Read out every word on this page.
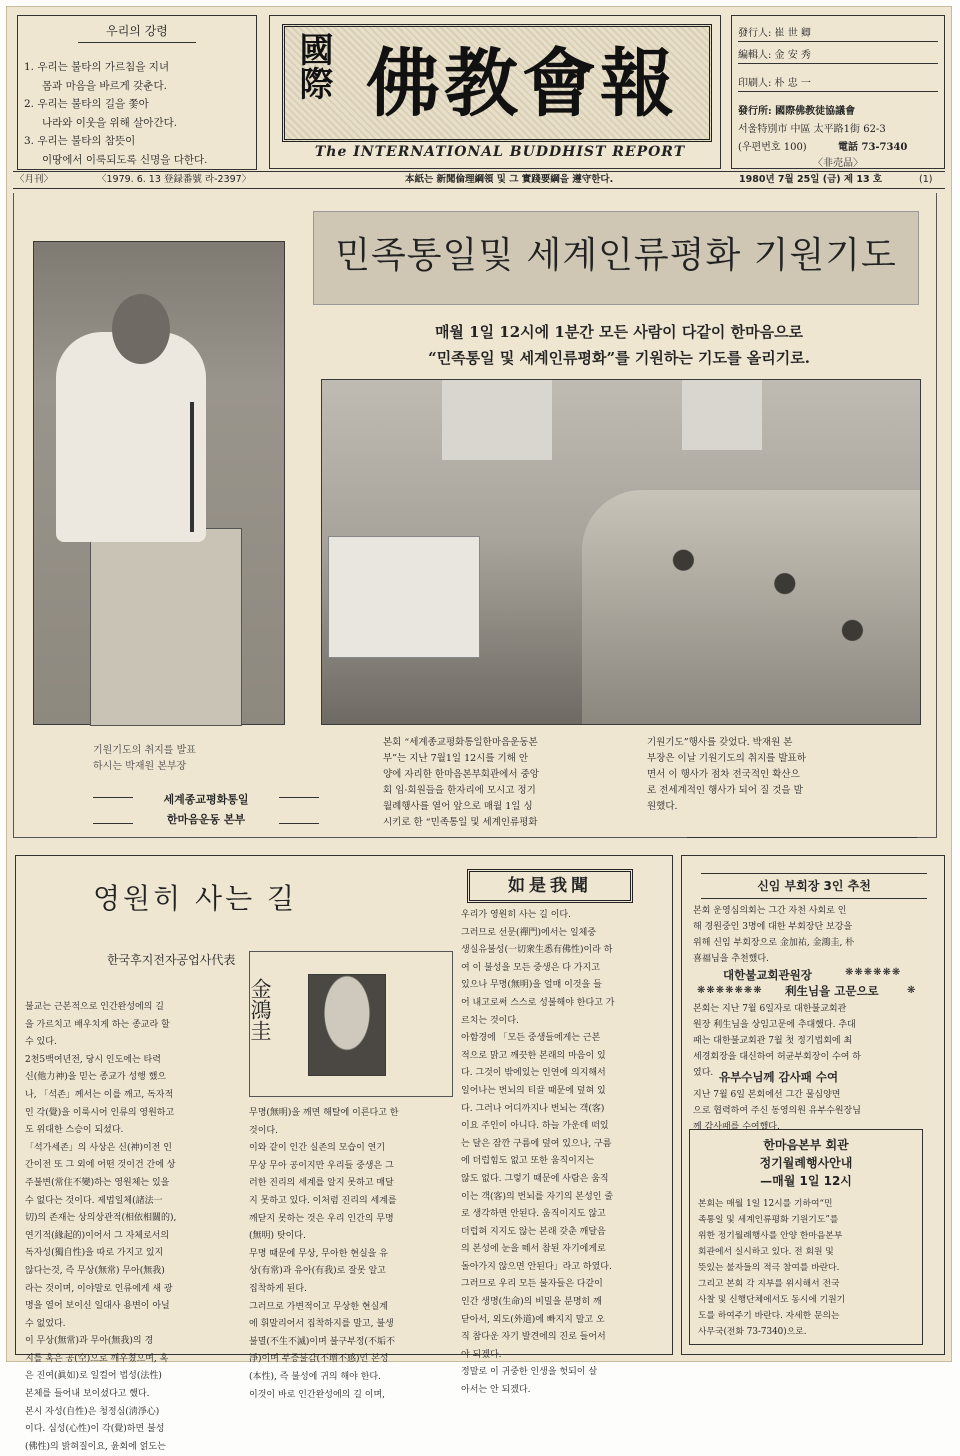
우리의 강령
1. 우리는 불타의 가르침을 지녀
몸과 마음을 바르게 갖춘다.
2. 우리는 불타의 길을 쫓아
나라와 이웃을 위해 살아간다.
3. 우리는 불타의 참뜻이
이땅에서 이룩되도록 신명을 다한다.
國際 佛教會報
The INTERNATIONAL BUDDHIST REPORT
發行人: 崔 世 卿
編輯人: 金 安 秀
印刷人: 朴 忠 一
發行所: 國際佛教徒協議會
서울特別市 中區 太平路1街 62-3
(우편번호 100)	電話 73-7340
〈非売品〉
〈月刊〉	〈1979. 6. 13 登録番號 라-2397〉	本紙는 新聞倫理綱領 및 그 實踐要綱을 遵守한다.	1980년 7월 25일 (금) 제 13 호	(1)
민족통일및 세계인류평화 기원기도
매월 1일 12시에 1분간 모든 사람이 다같이 한마음으로
“민족통일 및 세계인류평화”를 기원하는 기도를 올리기로.
기원기도의 취지를 발표
하시는 박재원 본부장
세계종교평화통일
한마음운동 본부
본회 “세계종교평화통일한마음운동본
부”는 지난 7월1일 12시를 기해 안
양에 자리한 한마음본부회관에서 중앙
회 임·회원들을 한자리에 모시고 정기
월례행사를 열어 앞으로 매월 1일 싱
시키로 한 “민족통일 및 세계인류평화
기원기도”행사를 갖었다. 박재원 본
부장은 이날 기원기도의 취지를 발표하
면서 이 행사가 점차 전국적인 확산으
로 전세계적인 행사가 되어 질 것을 발
원했다.
영원히 사는 길	如是我聞
한국후지전자공업사代表
불교는 근본적으로 인간완성에의 길
을 가르치고 배우치게 하는 종교라 할
수 있다.
2천5백여년전, 당시 인도에는 타력
신(他力神)을 믿는 종교가 성행 했으
나, 「석존」께서는 이를 깨고, 독자적
인 각(覺)을 이룩시어 인류의 영원하고
도 위대한 스승이 되셨다.
「석가세존」의 사상은 신(神)이전 인
간이전 또 그 외에 어떤 것이건 간에 상
주불변(常住不變)하는 영원체는 있을
수 없다는 것이다. 제법일체(諸法一
切)의 존재는 상의상관적(相依相關的),
연기적(緣起的)이어서 그 자체로서의
독자성(獨自性)을 따로 가지고 있지
않다는것, 즉 무상(無常) 무아(無我)
라는 것이며, 이야말로 인류에게 새 광
명을 열어 보이신 일대사 용변이 아닐
수 없었다.
이 무상(無常)과 무아(無我)의 경
지를 혹은 공(空)으로 깨우쳤으며, 혹
은 진여(眞如)로 일컬어 법성(法性)
본체를 들어내 보이셨다고 했다.
본시 자성(自性)은 청정심(淸淨心)
이다. 심성(心性)이 각(覺)하면 불성
(佛性)의 밝혀질이요, 윤회에 얽도는
金鴻圭
무명(無明)을 깨면 해탈에 이른다고 한
것이다.
이와 같이 인간 실존의 모습이 연기
무상 무아 공이지만 우리들 중생은 그
러한 진리의 세계를 알지 못하고 매달
지 못하고 있다. 이처럼 진리의 세계를
깨닫지 못하는 것은 우리 인간의 무명
(無明) 탓이다.
무명 때문에 무상, 무아한 현실을 유
상(有常)과 유아(有我)로 잘못 알고
집착하게 된다.
그러므로 가변적이고 무상한 현실계
에 휘말리어서 집착하지를 말고, 불생
불멸(不生不滅)이며 불구부정(不垢不
淨)이며 부증불감(不增不感)인 본성
(本性), 즉 불성에 귀의 해야 한다.
이것이 바로 인간완성에의 길 이며,
우리가 영원히 사는 길 이다.
그러므로 선문(禪門)에서는 일체중
생실유불성(一切衆生悉有佛性)이라 하
여 이 불성을 모든 중생은 다 가지고
있으나 무명(無明)을 얼매 이것을 들
어 내고로써 스스로 성불해야 한다고 가
르치는 것이다.
아함경에 「모든 중생들에게는 근본
적으로 맑고 깨끗한 본래의 마음이 있
다. 그것이 밖에있는 인연에 의지해서
일어나는 번뇌의 티끌 때문에 덮혀 있
다. 그러나 어디까지나 번뇌는 객(客)
이요 주인이 아니다. 하늘 가운데 떠있
는 달은 잠깐 구름에 덮여 있으나, 구름
에 더럽힘도 없고 또한 움직이지는
않도 없다. 그렇기 때문에 사람은 움직
이는 객(客)의 번뇌를 자기의 본성인 줄
로 생각하면 안된다. 움직이지도 않고
더럽혀 지지도 않는 본래 갖춘 깨달음
의 본성에 눈을 떼서 참된 자기에게로
돌아가지 않으면 안된다」라고 하였다.
그러므로 우리 모든 불자들은 다같이
인간 생명(生命)의 비밀을 분명히 깨
닫아서, 외도(外道)에 빠지지 말고 오
직 참다운 자기 발견에의 진로 들어서
야 되겠다.
정말로 이 귀중한 인생을 헛되이 살
아서는 안 되겠다.
신임 부회장 3인 추천
본회 운영심의회는 그간 자천 사회로 인
해 경원중인 3명에 대한 부회장단 보강을
위해 신임 부회장으로 金加祐, 金鴻圭, 朴
喜福님을 추천했다.
대한불교회관원장	❋❋❋❋❋❋
❋❋❋❋❋❋❋ 利生님을 고문으로	❋
본회는 지난 7월 6일자로 대한불교회관
원장 利生님을 상임고문에 추대했다. 추대
패는 대한불교회관 7월 첫 정기법회에 최
세경회장을 대신하여 허균부회장이 수여 하
였다. 유부수님께 감사패 수여
지난 7월 6일 본회에선 그간 물심양면
으로 협력하여 주신 동영의원 유부수원장님
께 감사패를 수여했다.
한마음본부 회관
정기월례행사안내
—매월 1일 12시
본회는 매월 1일 12시를 기하여“민
족통일 및 세계인류평화 기원기도”를
위한 정기월례행사를 안양 한마음본부
회관에서 실시하고 있다. 전 회원 및
뜻있는 불자들의 적극 참여를 바란다.
그리고 본회 각 지부를 위시해서 전국
사찰 및 신행단체에서도 동시에 기원기
도를 하여주기 바란다. 자세한 문의는
사무국(전화 73-7340)으로.
